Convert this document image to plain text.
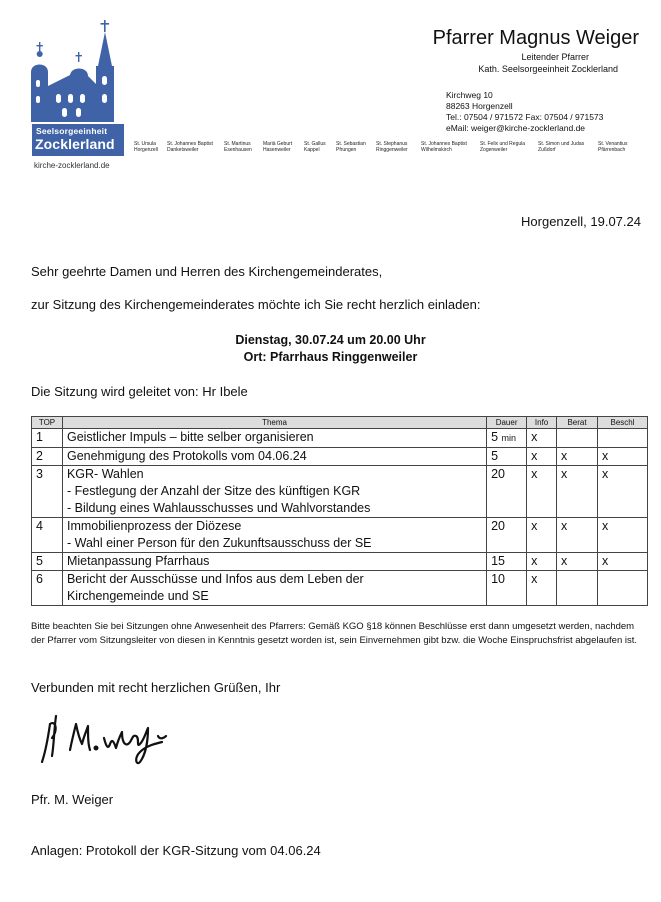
Seelsorgeeinheit
Zocklerland
kirche-zocklerland.de
St. Ursula
Horgenzell
St. Johannes Baptist
Danketsweiler
St. Martinus
Esenhausen
Mariä Geburt
Hasenweiler
St. Gallus
Kappel
St. Sebastian
Pfrungen
St. Stephanus
Ringgenweiler
St. Johannes Baptist
Wilhelmskirch
St. Felix und Regula
Zogenweiler
St. Simon und Judas
Zußdorf
St. Venantius
Pfärrenbach
Pfarrer Magnus Weiger
Leitender Pfarrer
Kath. Seelsorgeeinheit Zocklerland
Kirchweg 10
88263 Horgenzell
Tel.: 07504 / 971572 Fax: 07504 / 971573
eMail: weiger@kirche-zocklerland.de
Horgenzell, 19.07.24
Sehr geehrte Damen und Herren des Kirchengemeinderates,
zur Sitzung des Kirchengemeinderates möchte ich Sie recht herzlich einladen:
Dienstag, 30.07.24 um 20.00 Uhr
Ort: Pfarrhaus Ringgenweiler
Die Sitzung wird geleitet von: Hr Ibele
TOP	Thema	Dauer	Info	Berat	Beschl
1	Geistlicher Impuls – bitte selber organisieren	5 min	x		
2	Genehmigung des Protokolls vom 04.06.24	5	x	x	x
3	KGR- Wahlen
- Festlegung der Anzahl der Sitze des künftigen KGR
- Bildung eines Wahlausschusses und Wahlvorstandes	20	x	x	x
4	Immobilienprozess der Diözese
- Wahl einer Person für den Zukunftsausschuss der SE	20	x	x	x
5	Mietanpassung Pfarrhaus	15	x	x	x
6	Bericht der Ausschüsse und Infos aus dem Leben der
Kirchengemeinde und SE	10	x		
Bitte beachten Sie bei Sitzungen ohne Anwesenheit des Pfarrers: Gemäß KGO §18 können Beschlüsse erst dann umgesetzt werden, nachdem der Pfarrer vom Sitzungsleiter von diesen in Kenntnis gesetzt worden ist, sein Einvernehmen gibt bzw. die Woche Einspruchsfrist abgelaufen ist.
Verbunden mit recht herzlichen Grüßen, Ihr
Pfr. M. Weiger
Anlagen: Protokoll der KGR-Sitzung vom 04.06.24
